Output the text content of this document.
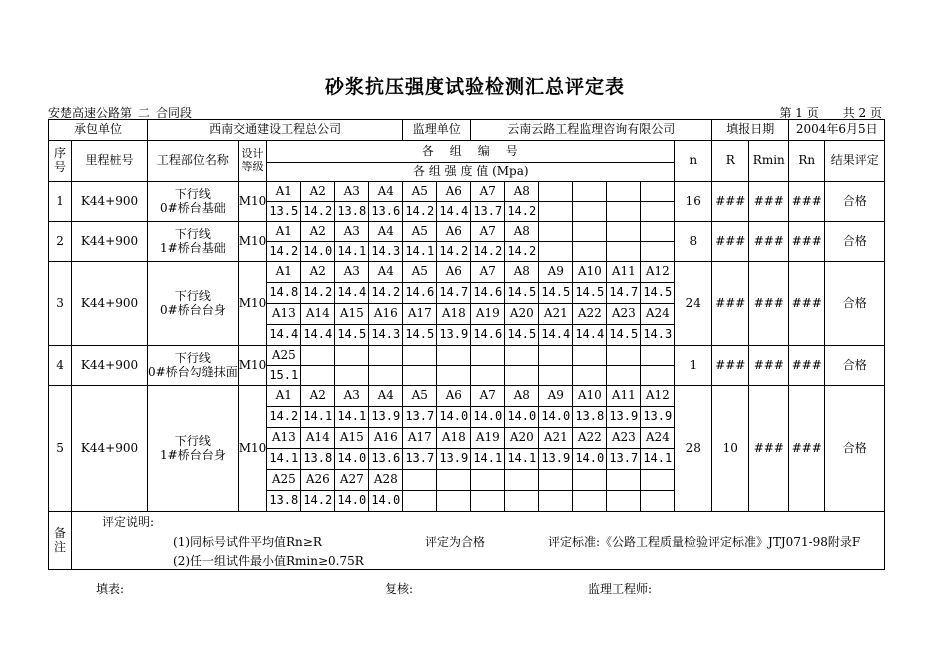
砂浆抗压强度试验检测汇总评定表
安楚高速公路第_二_合同段	第 1 页　　共 2 页
承包单位		西南交通建设工程总公司						监理单位		云南云路工程监理咨询有限公司							填报日期		2004年6月5日	
序号	里程桩号	工程部位名称	设计等级	各　组　编　号												n	R	Rmin	Rn	结果评定
				各 组 强 度 值 (Mpa)																
1	K44+900	下行线
0#桥台基础	M10	A1	A2	A3	A4	A5	A6	A7	A8					16	###	###	###	合格
				13.5	14.2	13.8	13.6	14.2	14.4	13.7	14.2									
2	K44+900	下行线
1#桥台基础	M10	A1	A2	A3	A4	A5	A6	A7	A8					8	###	###	###	合格
				14.2	14.0	14.1	14.3	14.1	14.2	14.2	14.2									
3	K44+900	下行线
0#桥台台身	M10	A1	A2	A3	A4	A5	A6	A7	A8	A9	A10	A11	A12	24	###	###	###	合格
				14.8	14.2	14.4	14.2	14.6	14.7	14.6	14.5	14.5	14.5	14.7	14.5					
				A13	A14	A15	A16	A17	A18	A19	A20	A21	A22	A23	A24					
				14.4	14.4	14.5	14.3	14.5	13.9	14.6	14.5	14.4	14.4	14.5	14.3					
4	K44+900	下行线
0#桥台勾缝抹面	M10	A25												1	###	###	###	合格
				15.1																
5	K44+900	下行线
1#桥台台身	M10	A1	A2	A3	A4	A5	A6	A7	A8	A9	A10	A11	A12	28	10	###	###	合格
				14.2	14.1	14.1	13.9	13.7	14.0	14.0	14.0	14.0	13.8	13.9	13.9					
				A13	A14	A15	A16	A17	A18	A19	A20	A21	A22	A23	A24					
				14.1	13.8	14.0	13.6	13.7	13.9	14.1	14.1	13.9	14.0	13.7	14.1					
				A25	A26	A27	A28													
				13.8	14.2	14.0	14.0													
备注	评定说明:
(1)同标号试件平均值Rn≥R 评定为合格 评定标准:《公路工程质量检验评定标准》JTJ071-98附录F
(2)任一组试件最小值Rmin≥0.75R																			
填表:	复核:	监理工程师:
